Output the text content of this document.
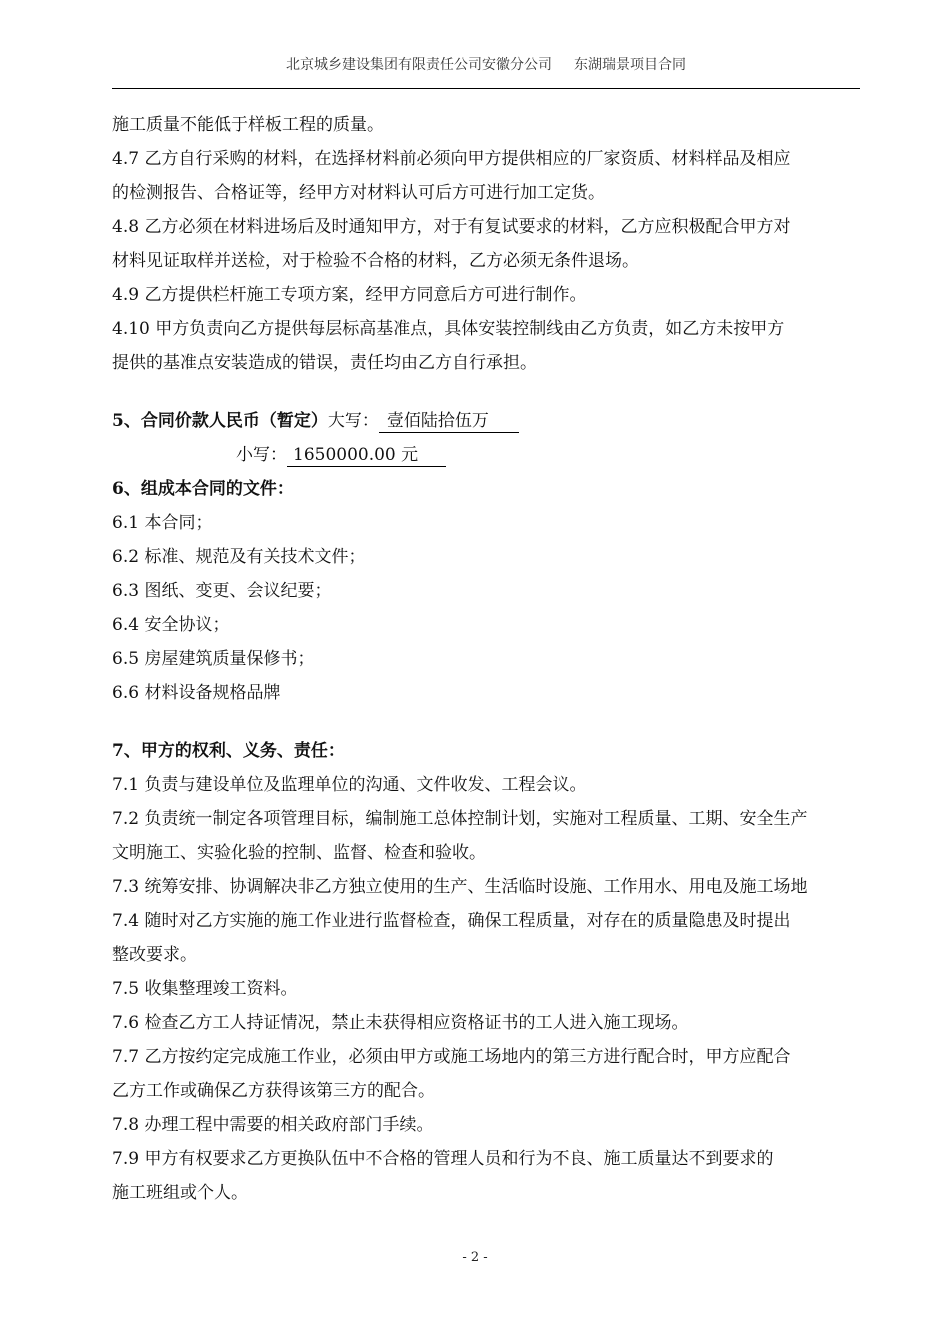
北京城乡建设集团有限责任公司安徽分公司 东湖瑞景项目合同

施工质量不能低于样板工程的质量。

4.7 乙方自行采购的材料，在选择材料前必须向甲方提供相应的厂家资质、材料样品及相应

的检测报告、合格证等，经甲方对材料认可后方可进行加工定货。

4.8 乙方必须在材料进场后及时通知甲方，对于有复试要求的材料，乙方应积极配合甲方对

材料见证取样并送检，对于检验不合格的材料，乙方必须无条件退场。

4.9 乙方提供栏杆施工专项方案，经甲方同意后方可进行制作。

4.10 甲方负责向乙方提供每层标高基准点，具体安装控制线由乙方负责，如乙方未按甲方

提供的基准点安装造成的错误，责任均由乙方自行承担。

5、合同价款人民币（暂定）大写： 壹佰陆拾伍万

小写： 1650000.00 元

6、组成本合同的文件：

6.1 本合同；

6.2 标准、规范及有关技术文件；

6.3 图纸、变更、会议纪要；

6.4 安全协议；

6.5 房屋建筑质量保修书；

6.6 材料设备规格品牌

7、甲方的权利、义务、责任：

7.1 负责与建设单位及监理单位的沟通、文件收发、工程会议。

7.2 负责统一制定各项管理目标，编制施工总体控制计划，实施对工程质量、工期、安全生产

文明施工、实验化验的控制、监督、检查和验收。

7.3 统筹安排、协调解决非乙方独立使用的生产、生活临时设施、工作用水、用电及施工场地

7.4 随时对乙方实施的施工作业进行监督检查，确保工程质量，对存在的质量隐患及时提出

整改要求。

7.5 收集整理竣工资料。

7.6 检查乙方工人持证情况，禁止未获得相应资格证书的工人进入施工现场。

7.7 乙方按约定完成施工作业，必须由甲方或施工场地内的第三方进行配合时，甲方应配合

乙方工作或确保乙方获得该第三方的配合。

7.8 办理工程中需要的相关政府部门手续。

7.9 甲方有权要求乙方更换队伍中不合格的管理人员和行为不良、施工质量达不到要求的

施工班组或个人。

- 2 -
